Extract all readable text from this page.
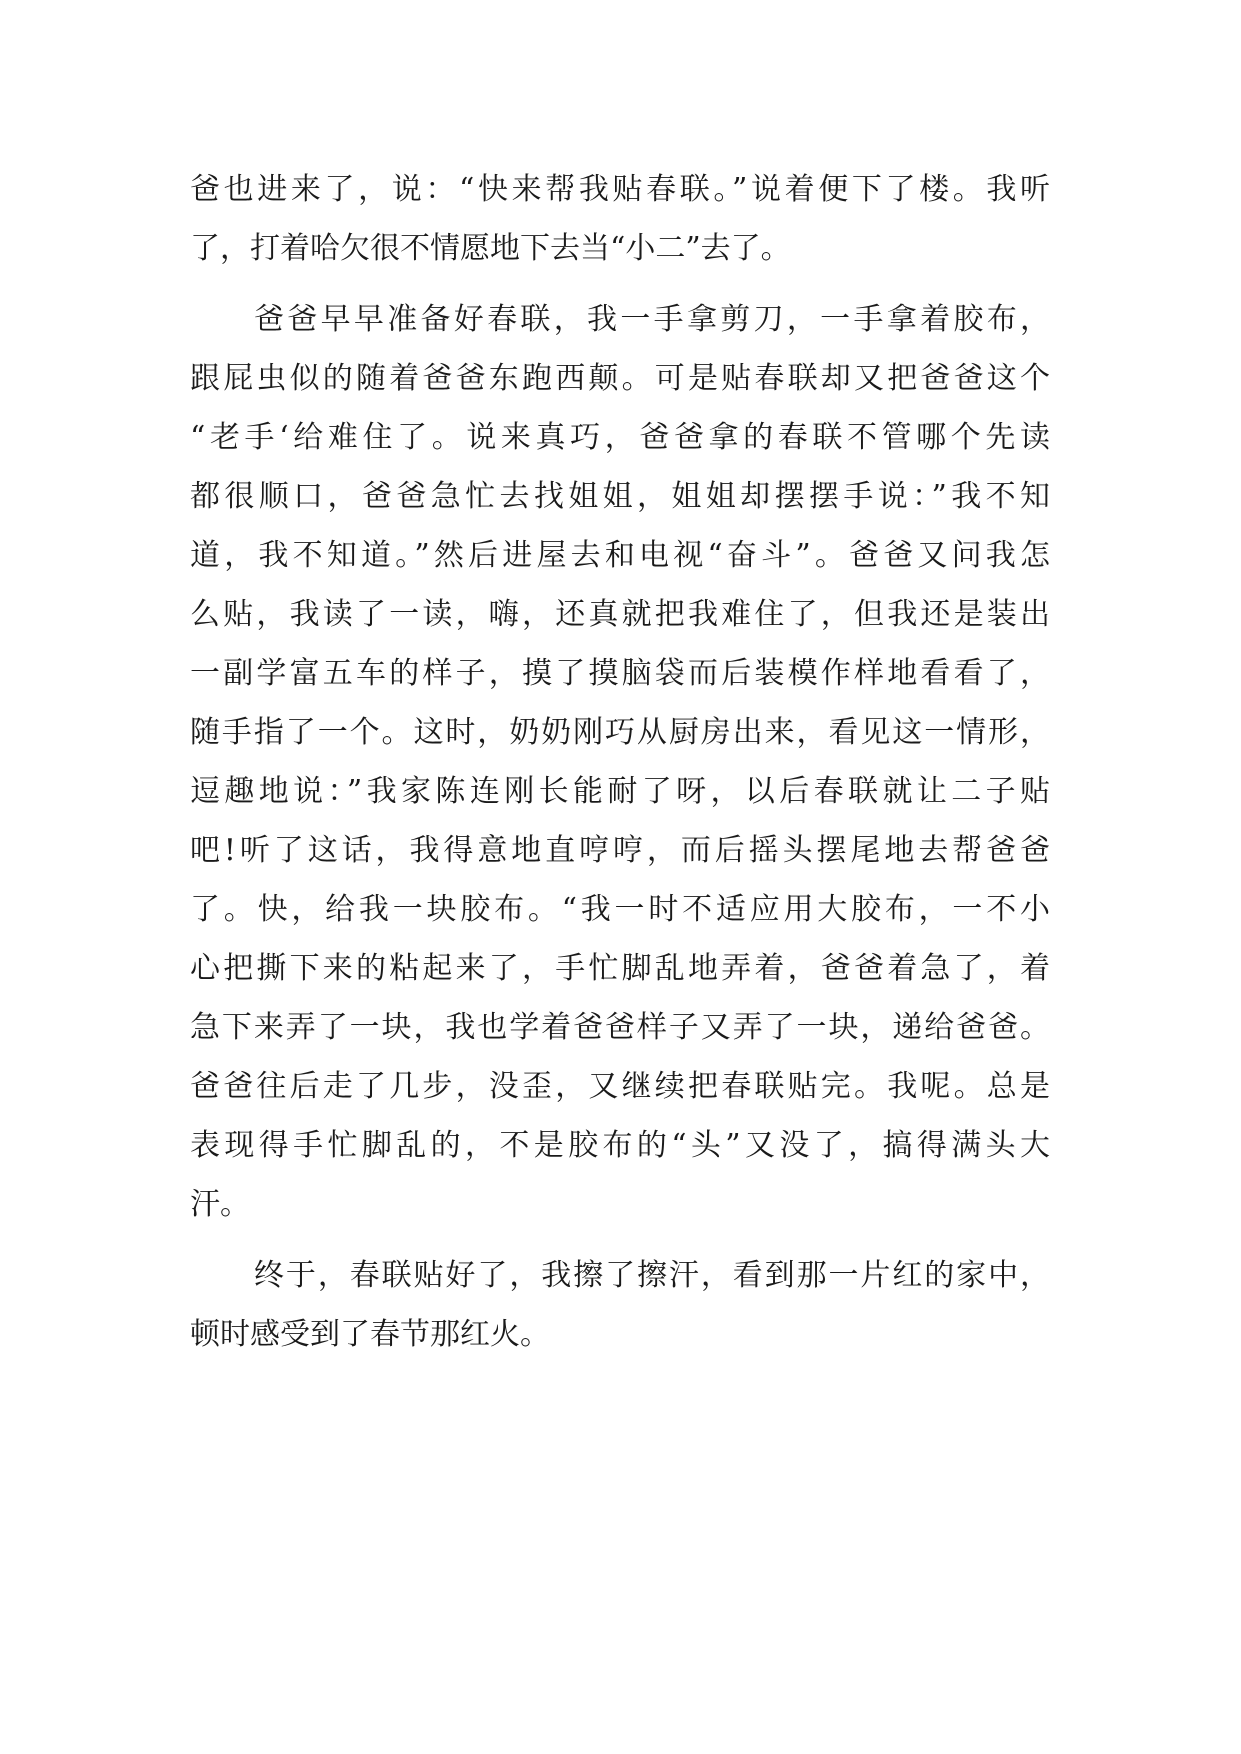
爸也进来了，说：“快来帮我贴春联。”说着便下了楼。我听
了，打着哈欠很不情愿地下去当“小二”去了。
爸爸早早准备好春联，我一手拿剪刀，一手拿着胶布，
跟屁虫似的随着爸爸东跑西颠。可是贴春联却又把爸爸这个
“老手‘给难住了。说来真巧，爸爸拿的春联不管哪个先读
都很顺口，爸爸急忙去找姐姐，姐姐却摆摆手说：”我不知
道，我不知道。”然后进屋去和电视“奋斗”。爸爸又问我怎
么贴，我读了一读，嗨，还真就把我难住了，但我还是装出
一副学富五车的样子，摸了摸脑袋而后装模作样地看看了，
随手指了一个。这时，奶奶刚巧从厨房出来，看见这一情形，
逗趣地说：”我家陈连刚长能耐了呀，以后春联就让二子贴
吧!听了这话，我得意地直哼哼，而后摇头摆尾地去帮爸爸
了。快，给我一块胶布。“我一时不适应用大胶布，一不小
心把撕下来的粘起来了，手忙脚乱地弄着，爸爸着急了，着
急下来弄了一块，我也学着爸爸样子又弄了一块，递给爸爸。
爸爸往后走了几步，没歪，又继续把春联贴完。我呢。总是
表现得手忙脚乱的，不是胶布的“头”又没了，搞得满头大
汗。
终于，春联贴好了，我擦了擦汗，看到那一片红的家中，
顿时感受到了春节那红火。
